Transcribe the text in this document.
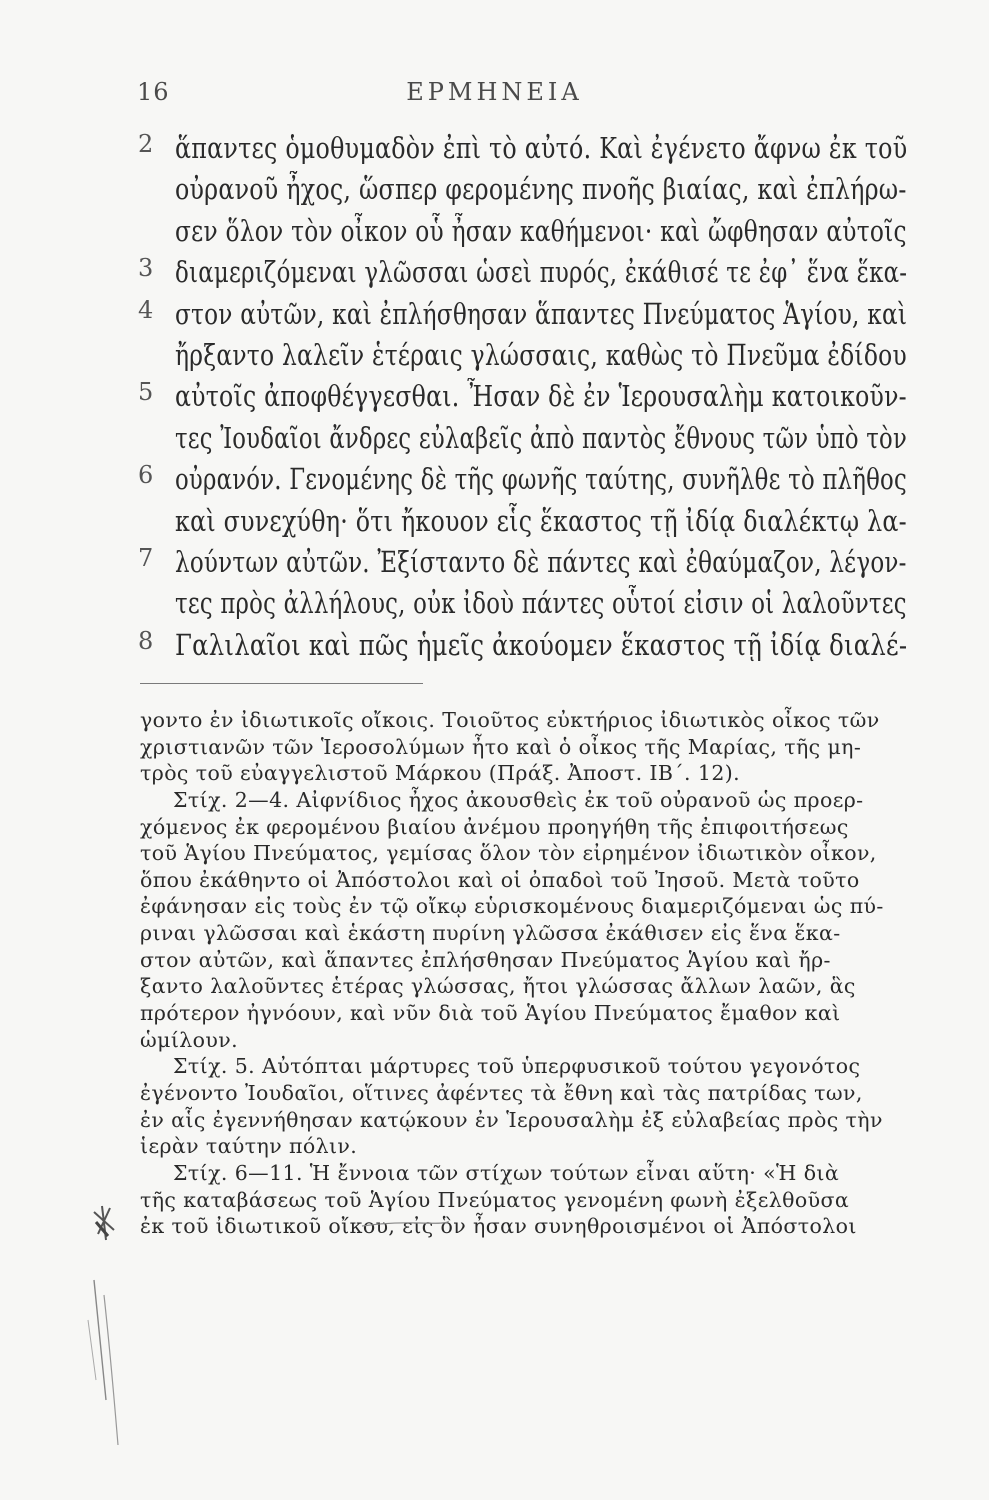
16	ΕΡΜΗΝΕΙΑ
2 ἅπαντες ὁμοθυμαδὸν ἐπὶ τὸ αὐτό. Καὶ ἐγένετο ἄφνω ἐκ τοῦ
οὐρανοῦ ἦχος, ὥσπερ φερομένης πνοῆς βιαίας, καὶ ἐπλήρω-
σεν ὅλον τὸν οἶκον οὗ ἦσαν καθήμενοι· καὶ ὤφθησαν αὐτοῖς
3 διαμεριζόμεναι γλῶσσαι ὡσεὶ πυρός, ἐκάθισέ τε ἐφ᾽ ἕνα ἕκα-
4 στον αὐτῶν, καὶ ἐπλήσθησαν ἅπαντες Πνεύματος Ἁγίου, καὶ
ἤρξαντο λαλεῖν ἑτέραις γλώσσαις, καθὼς τὸ Πνεῦμα ἐδίδου
5 αὐτοῖς ἀποφθέγγεσθαι. Ἦσαν δὲ ἐν Ἱερουσαλὴμ κατοικοῦν-
τες Ἰουδαῖοι ἄνδρες εὐλαβεῖς ἀπὸ παντὸς ἔθνους τῶν ὑπὸ τὸν
6 οὐρανόν. Γενομένης δὲ τῆς φωνῆς ταύτης, συνῆλθε τὸ πλῆθος
καὶ συνεχύθη· ὅτι ἤκουον εἷς ἕκαστος τῇ ἰδίᾳ διαλέκτῳ λα-
7 λούντων αὐτῶν. Ἐξίσταντο δὲ πάντες καὶ ἐθαύμαζον, λέγον-
τες πρὸς ἀλλήλους, οὐκ ἰδοὺ πάντες οὗτοί εἰσιν οἱ λαλοῦντες
8 Γαλιλαῖοι καὶ πῶς ἡμεῖς ἀκούομεν ἕκαστος τῇ ἰδίᾳ διαλέ-
γοντο ἐν ἰδιωτικοῖς οἴκοις. Τοιοῦτος εὐκτήριος ἰδιωτικὸς οἶκος τῶν
χριστιανῶν τῶν Ἱεροσολύμων ἦτο καὶ ὁ οἶκος τῆς Μαρίας, τῆς μη-
τρὸς τοῦ εὐαγγελιστοῦ Μάρκου (Πράξ. Ἀποστ. ΙΒ΄. 12).
Στίχ. 2—4. Αἰφνίδιος ἦχος ἀκουσθεὶς ἐκ τοῦ οὐρανοῦ ὡς προερ-
χόμενος ἐκ φερομένου βιαίου ἀνέμου προηγήθη τῆς ἐπιφοιτήσεως
τοῦ Ἁγίου Πνεύματος, γεμίσας ὅλον τὸν εἰρημένον ἰδιωτικὸν οἶκον,
ὅπου ἐκάθηντο οἱ Ἀπόστολοι καὶ οἱ ὀπαδοὶ τοῦ Ἰησοῦ. Μετὰ τοῦτο
ἐφάνησαν εἰς τοὺς ἐν τῷ οἴκῳ εὑρισκομένους διαμεριζόμεναι ὡς πύ-
ριναι γλῶσσαι καὶ ἑκάστη πυρίνη γλῶσσα ἐκάθισεν εἰς ἕνα ἕκα-
στον αὐτῶν, καὶ ἅπαντες ἐπλήσθησαν Πνεύματος Ἁγίου καὶ ἤρ-
ξαντο λαλοῦντες ἑτέρας γλώσσας, ἤτοι γλώσσας ἄλλων λαῶν, ἃς
πρότερον ἠγνόουν, καὶ νῦν διὰ τοῦ Ἁγίου Πνεύματος ἔμαθον καὶ
ὡμίλουν.
Στίχ. 5. Αὐτόπται μάρτυρες τοῦ ὑπερφυσικοῦ τούτου γεγονότος
ἐγένοντο Ἰουδαῖοι, οἵτινες ἀφέντες τὰ ἔθνη καὶ τὰς πατρίδας των,
ἐν αἷς ἐγεννήθησαν κατῴκουν ἐν Ἱερουσαλὴμ ἐξ εὐλαβείας πρὸς τὴν
ἱερὰν ταύτην πόλιν.
Στίχ. 6—11. Ἡ ἔννοια τῶν στίχων τούτων εἶναι αὕτη· «Ἡ διὰ
τῆς καταβάσεως τοῦ Ἁγίου Πνεύματος γενομένη φωνὴ ἐξελθοῦσα
ἐκ τοῦ ἰδιωτικοῦ οἴκου, εἰς ὃν ἦσαν συνηθροισμένοι οἱ Ἀπόστολοι
